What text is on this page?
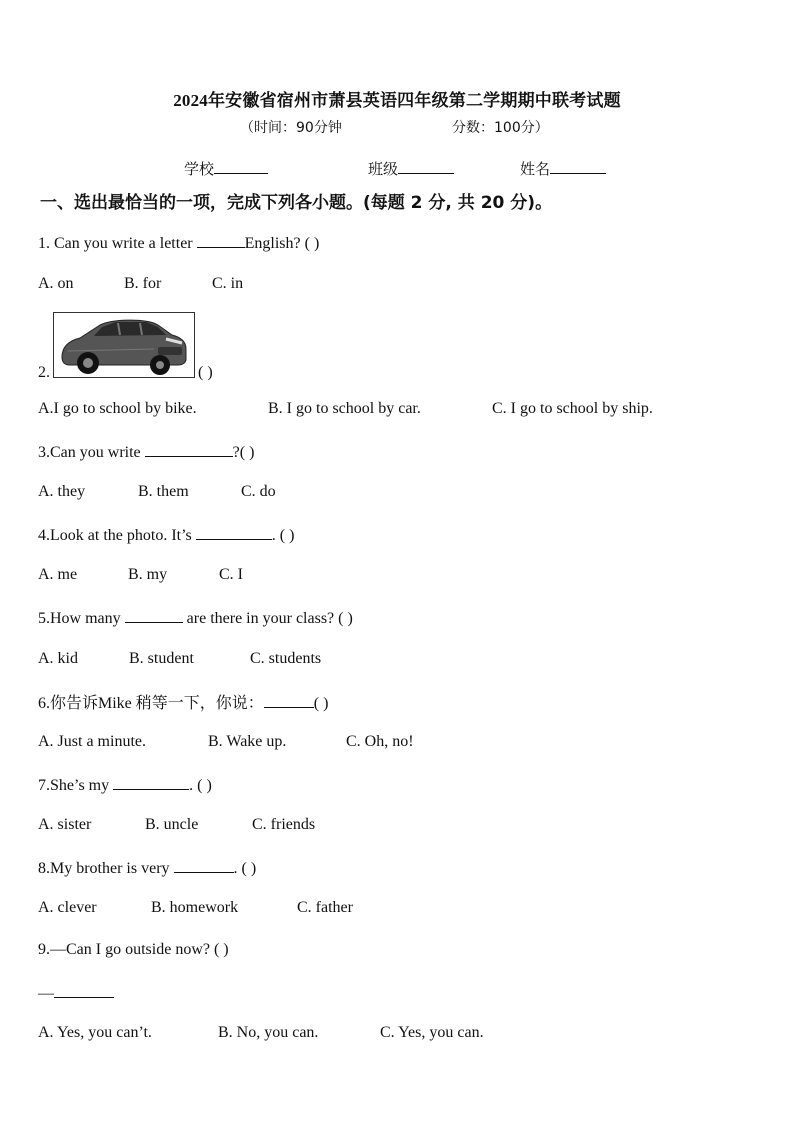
2024年安徽省宿州市萧县英语四年级第二学期期中联考试题
（时间：90分钟	分数：100分）
学校	班级	姓名
一、选出最恰当的一项，完成下列各小题。(每题 2 分, 共 20 分)。
1. Can you write a letter	English? ( )
A. on	B. for	C. in
2.	( )
A.I go to school by bike.	B. I go to school by car.	C. I go to school by ship.
3.Can you write	?( )
A. they	B. them	C. do
4.Look at the photo. It’s	. ( )
A. me	B. my	C. I
5.How many	are there in your class? ( )
A. kid	B. student	C. students
6.你告诉Mike 稍等一下，你说：	( )
A. Just a minute.	B. Wake up.	C. Oh, no!
7.She’s my	. ( )
A. sister	B. uncle	C. friends
8.My brother is very	. ( )
A. clever	B. homework	C. father
9.—Can I go outside now? ( )
—
A. Yes, you can’t.	B. No, you can.	C. Yes, you can.
